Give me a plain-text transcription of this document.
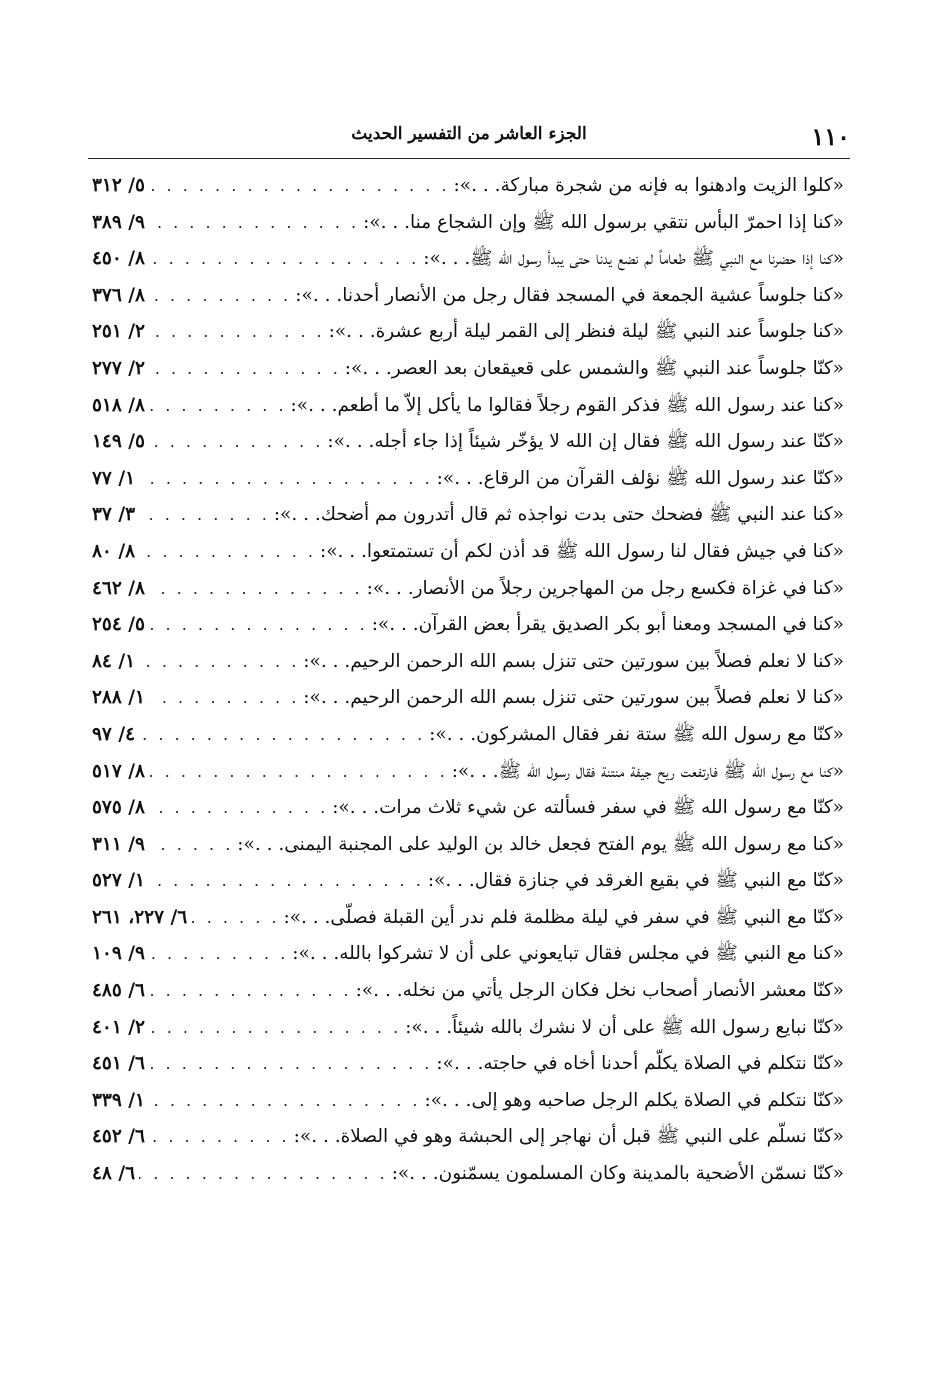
١١٠
الجزء العاشر من التفسير الحديث
«كلوا الزيت وادهنوا به فإنه من شجرة مباركة. . .»:
. . .
٥/ ٣١٢
«كنا إذا احمرّ البأس نتقي برسول الله ﷺ وإن الشجاع منا. . .»:
. . .
٩/ ٣٨٩
«كنا إذا حضرنا مع النبي ﷺ طعاماً لم نضع يدنا حتى يبدأ رسول الله ﷺ. . .»:
. . .
٨/ ٤٥٠
«كنا جلوساً عشية الجمعة في المسجد فقال رجل من الأنصار أحدنا. . .»:
. . .
٨/ ٣٧٦
«كنا جلوساً عند النبي ﷺ ليلة فنظر إلى القمر ليلة أربع عشرة. . .»:
. . .
٢/ ٢٥١
«كنّا جلوساً عند النبي ﷺ والشمس على قعيقعان بعد العصر. . .»:
. . .
٢/ ٢٧٧
«كنا عند رسول الله ﷺ فذكر القوم رجلاً فقالوا ما يأكل إلاّ ما أطعم. . .»:
. . .
٨/ ٥١٨
«كنّا عند رسول الله ﷺ فقال إن الله لا يؤخّر شيئاً إذا جاء أجله. . .»:
. . .
٥/ ١٤٩
«كنّا عند رسول الله ﷺ نؤلف القرآن من الرقاع. . .»:
. . .
١/ ٧٧
«كنا عند النبي ﷺ فضحك حتى بدت نواجذه ثم قال أتدرون مم أضحك. . .»:
. . .
٣/ ٣٧
«كنا في جيش فقال لنا رسول الله ﷺ قد أذن لكم أن تستمتعوا. . .»:
. . .
٨/ ٨٠
«كنا في غزاة فكسع رجل من المهاجرين رجلاً من الأنصار. . .»:
. . .
٨/ ٤٦٢
«كنا في المسجد ومعنا أبو بكر الصديق يقرأ بعض القرآن. . .»:
. . .
٥/ ٢٥٤
«كنا لا نعلم فصلاً بين سورتين حتى تنزل بسم الله الرحمن الرحيم. . .»:
. . .
١/ ٨٤
«كنا لا نعلم فصلاً بين سورتين حتى تنزل بسم الله الرحمن الرحيم. . .»:
. . .
١/ ٢٨٨
«كنّا مع رسول الله ﷺ ستة نفر فقال المشركون. . .»:
. . .
٤/ ٩٧
«كنا مع رسول الله ﷺ فارتفعت ريح جيفة منتنة فقال رسول الله ﷺ. . .»:
. . .
٨/ ٥١٧
«كنّا مع رسول الله ﷺ في سفر فسألته عن شيء ثلاث مرات. . .»:
. . .
٨/ ٥٧٥
«كنا مع رسول الله ﷺ يوم الفتح فجعل خالد بن الوليد على المجنبة اليمنى. . .»:
. . .
٩/ ٣١١
«كنّا مع النبي ﷺ في بقيع الغرقد في جنازة فقال. . .»:
. . .
١/ ٥٢٧
«كنّا مع النبي ﷺ في سفر في ليلة مظلمة فلم ندر أين القبلة فصلّى. . .»:
. . .
٦/ ٢٢٧، ٢٦١
«كنا مع النبي ﷺ في مجلس فقال تبايعوني على أن لا تشركوا بالله. . .»:
. . .
٩/ ١٠٩
«كنّا معشر الأنصار أصحاب نخل فكان الرجل يأتي من نخله. . .»:
. . .
٦/ ٤٨٥
«كنّا نبايع رسول الله ﷺ على أن لا نشرك بالله شيئاً. . .»:
. . .
٢/ ٤٠١
«كنّا نتكلم في الصلاة يكلّم أحدنا أخاه في حاجته. . .»:
. . .
٦/ ٤٥١
«كنّا نتكلم في الصلاة يكلم الرجل صاحبه وهو إلى. . .»:
. . .
١/ ٣٣٩
«كنّا نسلّم على النبي ﷺ قبل أن نهاجر إلى الحبشة وهو في الصلاة. . .»:
. . .
٦/ ٤٥٢
«كنّا نسمّن الأضحية بالمدينة وكان المسلمون يسمّنون. . .»:
. . .
٦/ ٤٨
